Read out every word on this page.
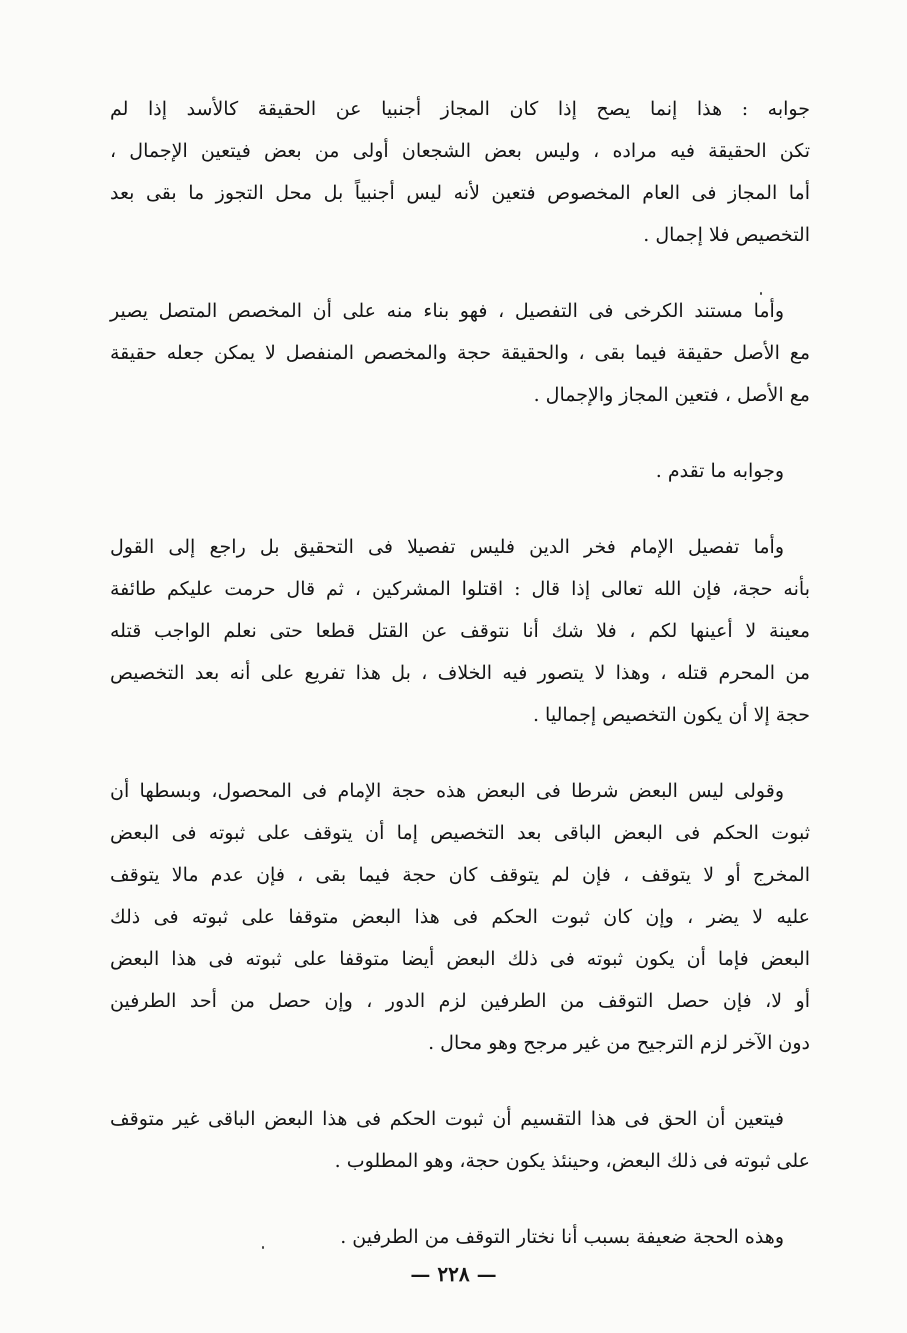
جوابه : هذا إنما يصح إذا كان المجاز أجنبيا عن الحقيقة كالأسد إذا لم
تكن الحقيقة فيه مراده ، وليس بعض الشجعان أولى من بعض فيتعين الإجمال ،
أما المجاز فى العام المخصوص فتعين لأنه ليس أجنبياً بل محل التجوز ما بقى بعد
التخصيص فلا إجمال .

وأما مستند الكرخى فى التفصيل ، فهو بناء منه على أن المخصص المتصل يصير
مع الأصل حقيقة فيما بقى ، والحقيقة حجة والمخصص المنفصل لا يمكن جعله حقيقة
مع الأصل ، فتعين المجاز والإجمال .

وجوابه ما تقدم .

وأما تفصيل الإمام فخر الدين فليس تفصيلا فى التحقيق بل راجع إلى القول
بأنه حجة، فإن الله تعالى إذا قال : اقتلوا المشركين ، ثم قال حرمت عليكم طائفة
معينة لا أعينها لكم ، فلا شك أنا نتوقف عن القتل قطعا حتى نعلم الواجب قتله
من المحرم قتله ، وهذا لا يتصور فيه الخلاف ، بل هذا تفريع على أنه بعد التخصيص
حجة إلا أن يكون التخصيص إجماليا .

وقولى ليس البعض شرطا فى البعض هذه حجة الإمام فى المحصول، وبسطها أن
ثبوت الحكم فى البعض الباقى بعد التخصيص إما أن يتوقف على ثبوته فى البعض
المخرج أو لا يتوقف ، فإن لم يتوقف كان حجة فيما بقى ، فإن عدم مالا يتوقف
عليه لا يضر ، وإن كان ثبوت الحكم فى هذا البعض متوقفا على ثبوته فى ذلك
البعض فإما أن يكون ثبوته فى ذلك البعض أيضا متوقفا على ثبوته فى هذا البعض
أو لا، فإن حصل التوقف من الطرفين لزم الدور ، وإن حصل من أحد الطرفين
دون الآخر لزم الترجيح من غير مرجح وهو محال .

فيتعين أن الحق فى هذا التقسيم أن ثبوت الحكم فى هذا البعض الباقى غير متوقف
على ثبوته فى ذلك البعض، وحينئذ يكون حجة، وهو المطلوب .

وهذه الحجة ضعيفة بسبب أنا نختار التوقف من الطرفين .

— ٢٢٨ —
